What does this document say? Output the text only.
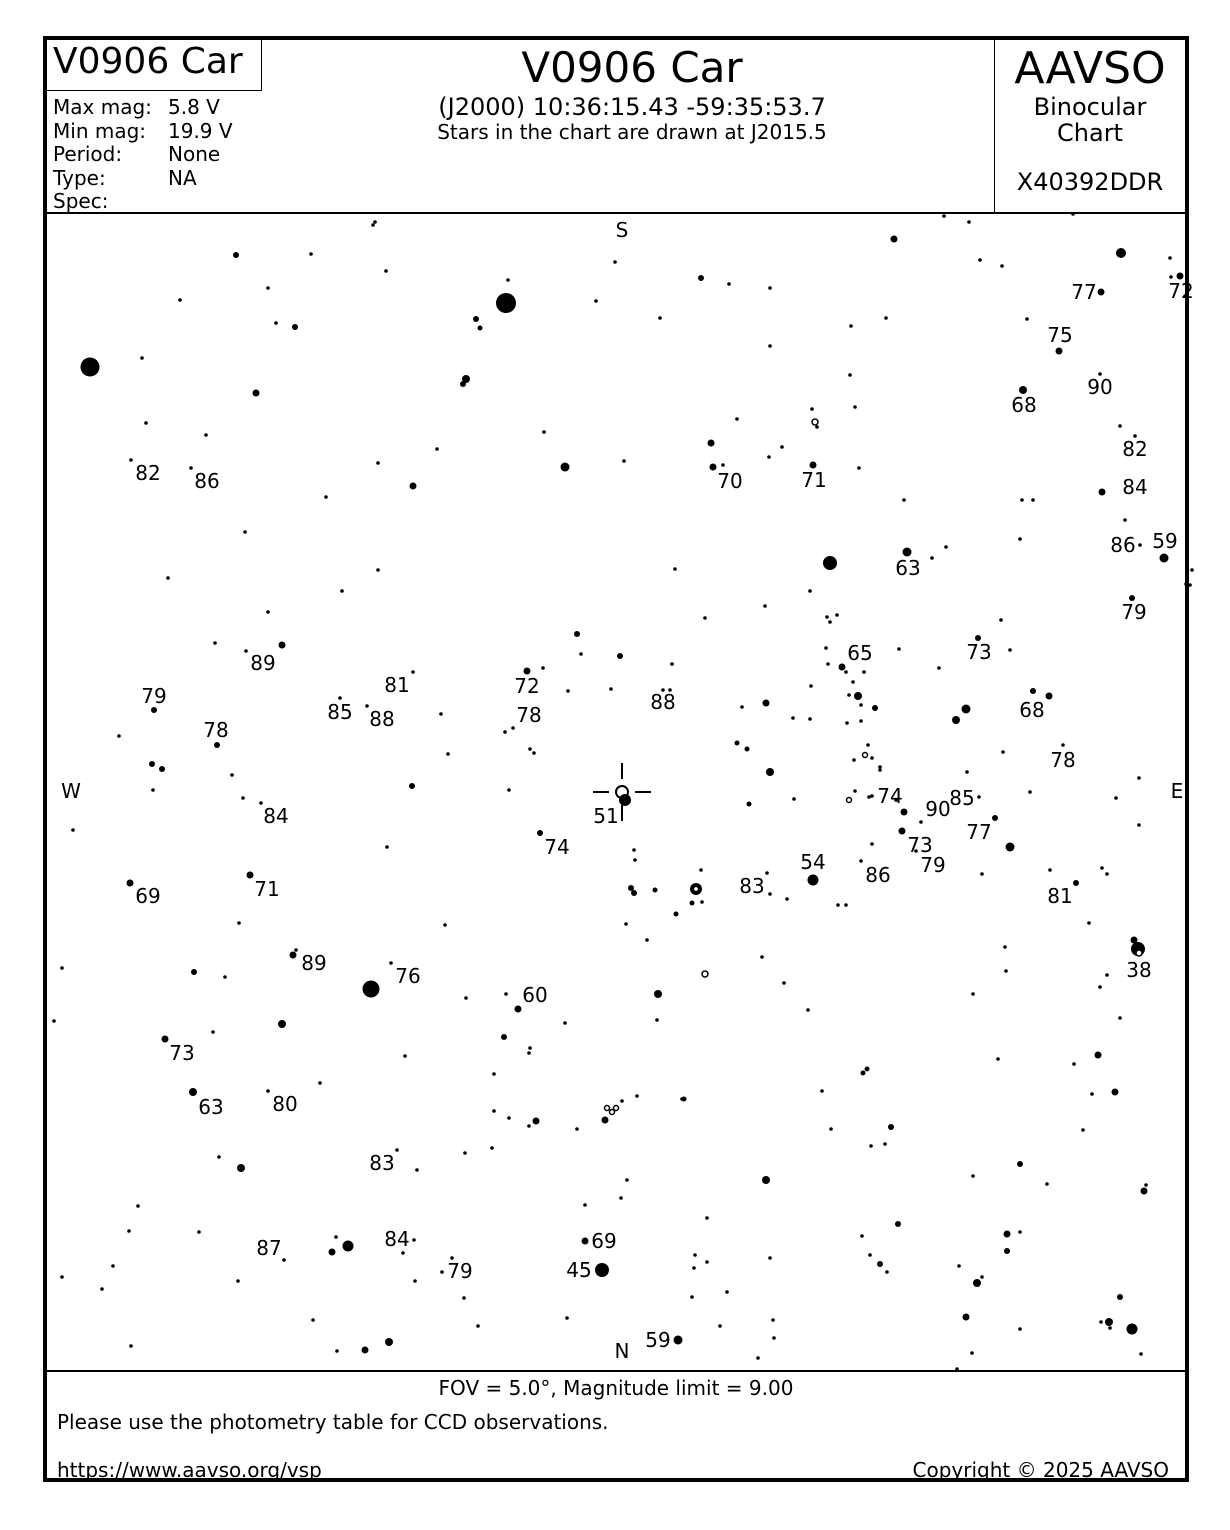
V0906 Car
Max mag: 5.8 V
Min mag: 19.9 V
Period: None
Type:	NA
Spec:
V0906 Car
(J2000) 10:36:15.43 -59:35:53.7
Stars in the chart are drawn at J2015.5
AAVSO
Binocular
Chart
X40392DDR
77	72
75
90
68
82
84
86 59
79
82 86	70	71
63
65	73
89
79	81	72
78
85 88
88	68
78
78
84	51
74
74
90
85
77
73
79
54
86
83	81
69	71
89
76	38
60
73
63 80
83
87	84	69
79	45
59
S
N
W	E
FOV = 5.0°, Magnitude limit = 9.00
Please use the photometry table for CCD observations.
https://www.aavso.org/vsp	Copyright © 2025 AAVSO
